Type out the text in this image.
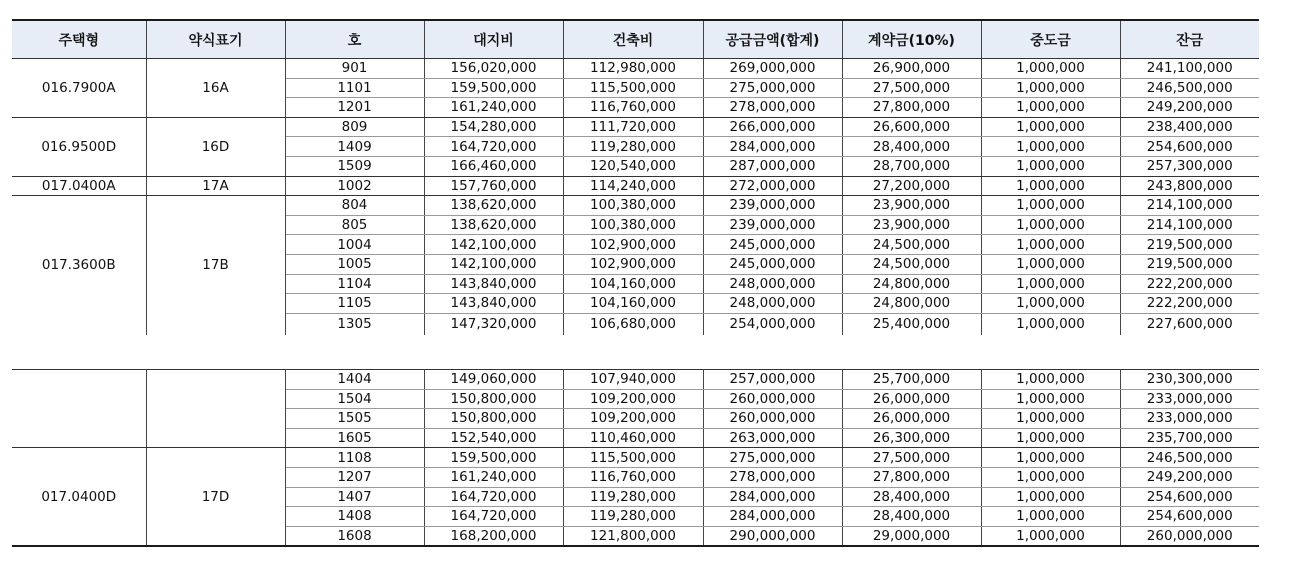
주택형	약식표기	호	대지비	건축비	공급금액(합계)	계약금(10%)	중도금	잔금
016.7900A	16A	901	156,020,000	112,980,000	269,000,000	26,900,000	1,000,000	241,100,000
		1101	159,500,000	115,500,000	275,000,000	27,500,000	1,000,000	246,500,000
		1201	161,240,000	116,760,000	278,000,000	27,800,000	1,000,000	249,200,000
016.9500D	16D	809	154,280,000	111,720,000	266,000,000	26,600,000	1,000,000	238,400,000
		1409	164,720,000	119,280,000	284,000,000	28,400,000	1,000,000	254,600,000
		1509	166,460,000	120,540,000	287,000,000	28,700,000	1,000,000	257,300,000
017.0400A	17A	1002	157,760,000	114,240,000	272,000,000	27,200,000	1,000,000	243,800,000
017.3600B	17B	804	138,620,000	100,380,000	239,000,000	23,900,000	1,000,000	214,100,000
		805	138,620,000	100,380,000	239,000,000	23,900,000	1,000,000	214,100,000
		1004	142,100,000	102,900,000	245,000,000	24,500,000	1,000,000	219,500,000
		1005	142,100,000	102,900,000	245,000,000	24,500,000	1,000,000	219,500,000
		1104	143,840,000	104,160,000	248,000,000	24,800,000	1,000,000	222,200,000
		1105	143,840,000	104,160,000	248,000,000	24,800,000	1,000,000	222,200,000
		1305	147,320,000	106,680,000	254,000,000	25,400,000	1,000,000	227,600,000
		1404	149,060,000	107,940,000	257,000,000	25,700,000	1,000,000	230,300,000
		1504	150,800,000	109,200,000	260,000,000	26,000,000	1,000,000	233,000,000
		1505	150,800,000	109,200,000	260,000,000	26,000,000	1,000,000	233,000,000
		1605	152,540,000	110,460,000	263,000,000	26,300,000	1,000,000	235,700,000
017.0400D	17D	1108	159,500,000	115,500,000	275,000,000	27,500,000	1,000,000	246,500,000
		1207	161,240,000	116,760,000	278,000,000	27,800,000	1,000,000	249,200,000
		1407	164,720,000	119,280,000	284,000,000	28,400,000	1,000,000	254,600,000
		1408	164,720,000	119,280,000	284,000,000	28,400,000	1,000,000	254,600,000
		1608	168,200,000	121,800,000	290,000,000	29,000,000	1,000,000	260,000,000
